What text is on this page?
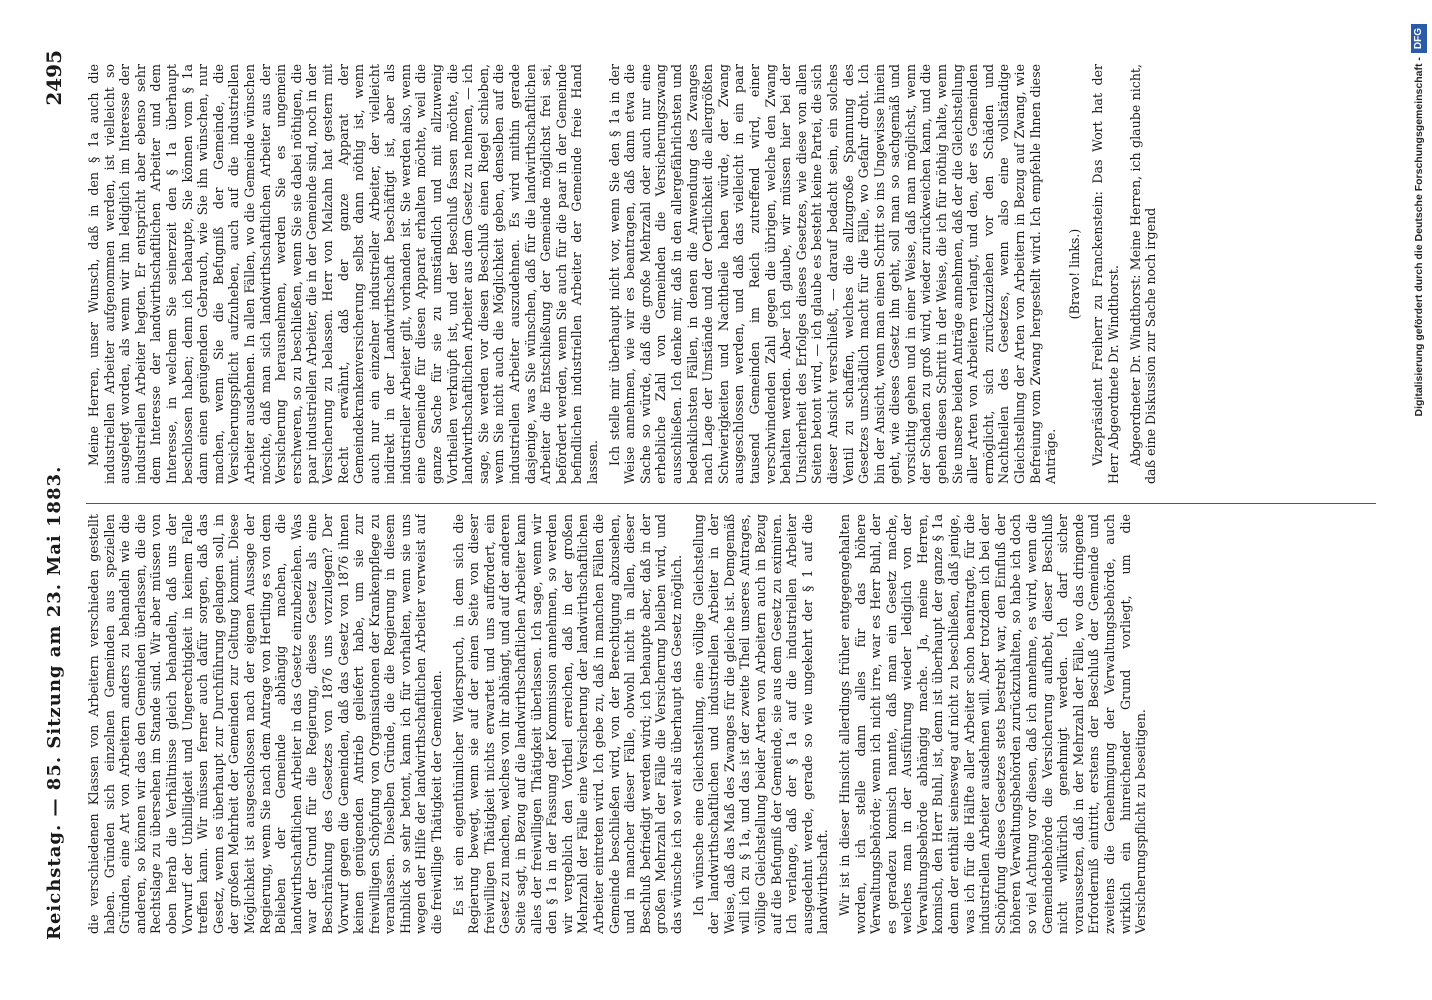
Reichstag. — 85. Sitzung am 23. Mai 1883.
2495

die verschiedenen Klassen von Arbeitern verschieden gestellt haben. Gründen sich einzelnen Gemeinden aus speziellen Gründen, eine Art von Arbeitern anders zu behandeln wie die anderen, so können wir das den Gemeinden überlassen, die die Rechtslage zu übersehen im Stande sind. Wir aber müssen von oben herab die Verhältnisse gleich behandeln, daß uns der Vorwurf der Unbilligkeit und Ungerechtigkeit in keinem Falle treffen kann. Wir müssen ferner auch dafür sorgen, daß das Gesetz, wenn es überhaupt zur Durchführung gelangen soll, in der großen Mehrheit der Gemeinden zur Geltung kommt. Diese Möglichkeit ist ausgeschlossen nach der eigenen Aussage der Regierung, wenn Sie nach dem Antrage von Hertling es von dem Belieben der Gemeinde abhängig machen, die landwirthschaftlichen Arbeiter in das Gesetz einzubeziehen. Was war der Grund für die Regierung, dieses Gesetz als eine Beschränkung des Gesetzes von 1876 uns vorzulegen? Der Vorwurf gegen die Gemeinden, daß das Gesetz von 1876 ihnen keinen genügenden Antrieb geliefert habe, um sie zur freiwilligen Schöpfung von Organisationen der Krankenpflege zu veranlassen. Dieselben Gründe, die die Regierung in diesem Hinblick so sehr betont, kann ich für vorhalten, wenn sie uns wegen der Hilfe der landwirthschaftlichen Arbeiter verweist auf die freiwillige Thätigkeit der Gemeinden. Es ist ein eigenthümlicher Widerspruch, in dem sich die Regierung bewegt, wenn sie auf der einen Seite von dieser freiwilligen Thätigkeit nichts erwartet und uns auffordert, ein Gesetz zu machen, welches von ihr abhängt, und auf der anderen Seite sagt, in Bezug auf die landwirthschaftlichen Arbeiter kann alles der freiwilligen Thätigkeit überlassen. Ich sage, wenn wir den § 1a in der Fassung der Kommission annehmen, so werden wir vergeblich den Vortheil erreichen, daß in der großen Mehrzahl der Fälle eine Versicherung der landwirthschaftlichen Arbeiter eintreten wird. Ich gebe zu, daß in manchen Fällen die Gemeinde beschließen wird, von der Berechtigung abzusehen, und in mancher dieser Fälle, obwohl nicht in allen, dieser Beschluß befriedigt werden wird; ich behaupte aber, daß in der großen Mehrzahl der Fälle die Versicherung bleiben wird, und das wünsche ich so weit als überhaupt das Gesetz möglich. Ich wünsche eine Gleichstellung, eine völlige Gleichstellung der landwirthschaftlichen und industriellen Arbeiter in der Weise, daß das Maß des Zwanges für die gleiche ist. Demgemäß will ich zu § 1a, und das ist der zweite Theil unseres Antrages, völlige Gleichstellung beider Arten von Arbeitern auch in Bezug auf die Befugniß der Gemeinde, sie aus dem Gesetz zu eximiren. Ich verlange, daß der § 1a auf die industriellen Arbeiter ausgedehnt werde, gerade so wie ungekehrt der § 1 auf die landwirthschaft. Wir ist in dieser Hinsicht allerdings früher entgegengehalten worden, ich stelle dann alles für das höhere Verwaltungsbehörde; wenn ich nicht irre, war es Herr Buhl, der es geradezu komisch nannte, daß man ein Gesetz mache, welches man in der Ausführung wieder lediglich von der Verwaltungsbehörde abhängig mache. Ja, meine Herren, komisch, den Herr Buhl, ist, denn ist überhaupt der ganze § 1a denn der enthält seinesweg auf nicht zu beschließen, daß jenige, was ich für die Hälfte aller Arbeiter schon beantragte, für die industriellen Arbeiter ausdehnen will. Aber trotzdem ich bei der Schöpfung dieses Gesetzes stets bestrebt war, den Einfluß der höheren Verwaltungsbehörden zurückzuhalten, so habe ich doch so viel Achtung vor diesen, daß ich annehme, es wird, wenn die Gemeindebehörde die Versicherung aufhebt, dieser Beschluß nicht willkürlich genehmigt werden. Ich darf sicher voraussetzen, daß in der Mehrzahl der Fälle, wo das dringende Erforderniß eintritt, erstens der Beschluß der Gemeinde und zweitens die Genehmigung der Verwaltungsbehörde, auch wirklich ein hinreichender Grund vorliegt, um die Versicherungspflicht zu beseitigen.

Meine Herren, unser Wunsch, daß in den § 1a auch die industriellen Arbeiter aufgenommen werden, ist vielleicht so ausgelegt worden, als wenn wir ihn lediglich im Interesse der industriellen Arbeiter hegten. Er entspricht aber ebenso sehr dem Interesse der landwirthschaftlichen Arbeiter und dem Interesse, in welchem Sie seinerzeit den § 1a überhaupt beschlossen haben; denn ich behaupte, Sie können vom § 1a dann einen genügenden Gebrauch, wie Sie ihn wünschen, nur machen, wenn Sie die Befugniß der Gemeinde, die Versicherungspflicht aufzuheben, auch auf die industriellen Arbeiter ausdehnen. In allen Fällen, wo die Gemeinde wünschen möchte, daß man sich landwirthschaftlichen Arbeiter aus der Versicherung herausnehmen, werden Sie es ungemein erschweren, so zu beschließen, wenn Sie sie dabei nöthigen, die paar industriellen Arbeiter, die in der Gemeinde sind, noch in der Versicherung zu belassen. Herr von Malzahn hat gestern mit Recht erwähnt, daß der ganze Apparat der Gemeindekrankenversicherung selbst dann nöthig ist, wenn auch nur ein einzelner industrieller Arbeiter, der vielleicht indirekt in der Landwirthschaft beschäftigt ist, aber als industrieller Arbeiter gilt, vorhanden ist. Sie werden also, wenn eine Gemeinde für diesen Apparat erhalten möchte, weil die ganze Sache für sie zu umständlich und mit allzuwenig Vortheilen verknüpft ist, und der Beschluß fassen möchte, die landwirthschaftlichen Arbeiter aus dem Gesetz zu nehmen, — ich sage, Sie werden vor diesen Beschluß einen Riegel schieben, wenn Sie nicht auch die Möglichkeit geben, denselben auf die industriellen Arbeiter auszudehnen. Es wird mithin gerade dasjenige, was Sie wünschen, daß für die landwirthschaftlichen Arbeiter die Entschließung der Gemeinde möglichst frei sei, befördert werden, wenn Sie auch für die paar in der Gemeinde befindlichen industriellen Arbeiter der Gemeinde freie Hand lassen. Ich stelle mir überhaupt nicht vor, wenn Sie den § 1a in der Weise annehmen, wie wir es beantragen, daß dann etwa die Sache so würde, daß die große Mehrzahl oder auch nur eine erhebliche Zahl von Gemeinden die Versicherungszwang ausschließen. Ich denke mir, daß in den allergefährlichsten und bedenklichsten Fällen, in denen die Anwendung des Zwanges nach Lage der Umstände und der Oertlichkeit die allergrößten Schwierigkeiten und Nachtheile haben würde, der Zwang ausgeschlossen werden, und daß das vielleicht in ein paar tausend Gemeinden im Reich zutreffend wird, einer verschwindenden Zahl gegen die übrigen, welche den Zwang behalten werden. Aber ich glaube, wir müssen hier bei der Unsicherheit des Erfolges dieses Gesetzes, wie diese von allen Seiten betont wird, — ich glaube es besteht keine Partei, die sich dieser Ansicht verschließt, — darauf bedacht sein, ein solches Ventil zu schaffen, welches die allzugroße Spannung des Gesetzes unschädlich macht für die Fälle, wo Gefahr droht. Ich bin der Ansicht, wenn man einen Schritt so ins Ungewisse hinein geht, wie dieses Gesetz ihn geht, soll man so sachgemäß und vorsichtig gehen und in einer Weise, daß man möglichst, wenn der Schaden zu groß wird, wieder zurückweichen kann, und die gehen diesen Schritt in der Weise, die ich für nöthig halte, wenn Sie unsere beiden Anträge annehmen, daß der die Gleichstellung aller Arten von Arbeitern verlangt, und den, der es Gemeinden ermöglicht, sich zurückzuziehen vor den Schäden und Nachtheilen des Gesetzes, wenn also eine vollständige Gleichstellung der Arten von Arbeitern in Bezug auf Zwang, wie Befreiung vom Zwang hergestellt wird. Ich empfehle Ihnen diese Anträge.

(Bravo! links.) Vizepräsident Freiherr zu Franckenstein: Das Wort hat der Herr Abgeordnete Dr. Windthorst. Abgeordneter Dr. Windthorst: Meine Herren, ich glaube nicht, daß eine Diskussion zur Sache noch irgend	Digitalisierung gefördert durch die Deutsche Forschungsgemeinschaft -DFG
